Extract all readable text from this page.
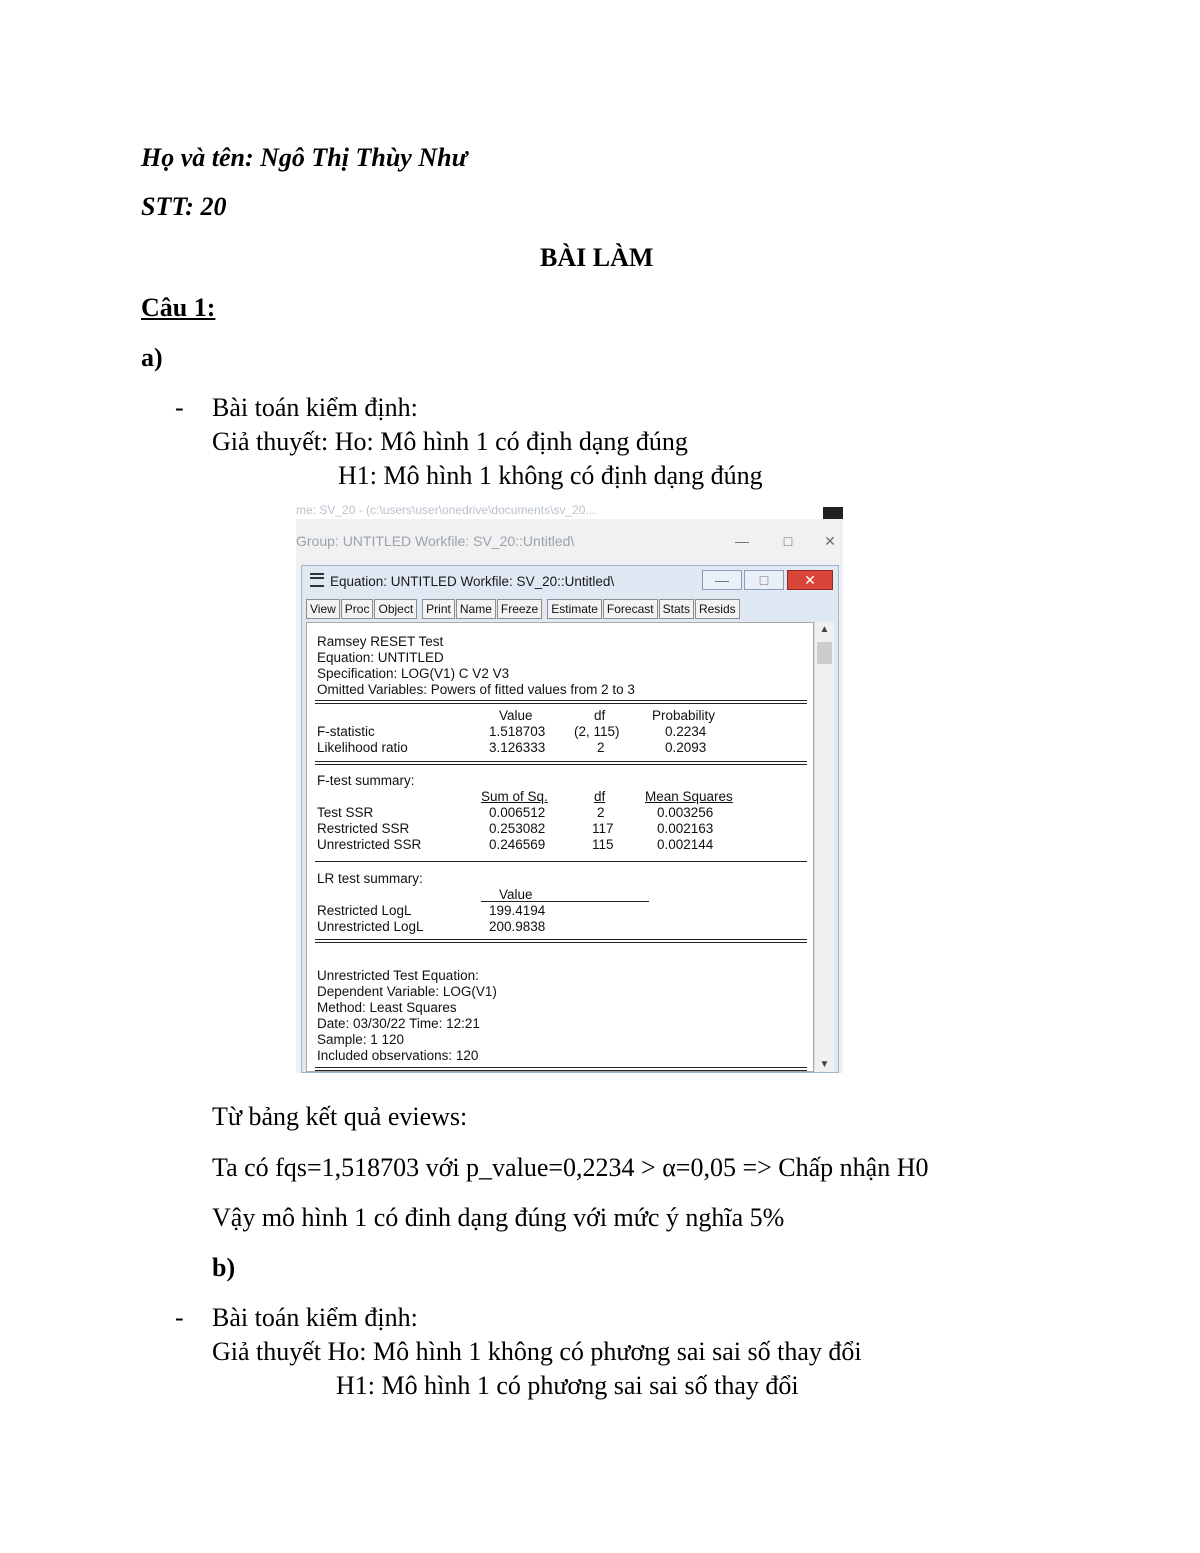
Họ và tên: Ngô Thị Thùy Như
STT: 20
BÀI LÀM
Câu 1:
a)
- Bài toán kiểm định:
Giả thuyết: Ho: Mô hình 1 có định dạng đúng
H1: Mô hình 1 không có định dạng đúng
me: SV_20 - (c:\users\user\onedrive\documents\sv_20...
Group: UNTITLED Workfile: SV_20::Untitled\	—	□	✕
Equation: UNTITLED Workfile: SV_20::Untitled\	—	□	✕
View Proc Object	Print Name Freeze	Estimate Forecast Stats Resids
Ramsey RESET Test
Equation: UNTITLED
Specification: LOG(V1) C V2 V3
Omitted Variables: Powers of fitted values from 2 to 3
Value	df	Probability
F-statistic	1.518703 (2, 115)	0.2234
Likelihood ratio	3.126333	2	0.2093
F-test summary:
Sum of Sq.	df	Mean Squares
Test SSR	0.006512	2	0.003256
Restricted SSR	0.253082	117	0.002163
Unrestricted SSR	0.246569	115	0.002144
LR test summary:
Value
Restricted LogL	199.4194
Unrestricted LogL	200.9838
Unrestricted Test Equation:
Dependent Variable: LOG(V1)
Method: Least Squares
Date: 03/30/22 Time: 12:21
Sample: 1 120
Included observations: 120
▲
▼
Từ bảng kết quả eviews:
Ta có fqs=1,518703 với p_value=0,2234 > α=0,05 => Chấp nhận H0
Vậy mô hình 1 có đinh dạng đúng với mức ý nghĩa 5%
b)
- Bài toán kiểm định:
Giả thuyết Ho: Mô hình 1 không có phương sai sai số thay đổi
H1: Mô hình 1 có phương sai sai số thay đổi
